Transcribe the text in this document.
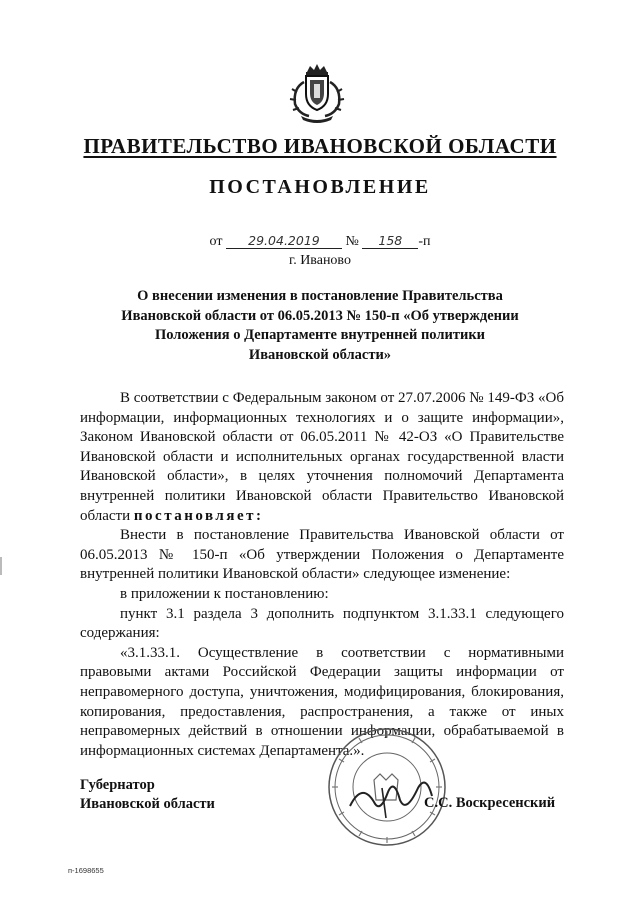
ПРАВИТЕЛЬСТВО ИВАНОВСКОЙ ОБЛАСТИ
ПОСТАНОВЛЕНИЕ
от 29.04.2019 № 158 -п
г. Иваново
О внесении изменения в постановление Правительства
Ивановской области от 06.05.2013 № 150-п «Об утверждении
Положения о Департаменте внутренней политики
Ивановской области»

В соответствии с Федеральным законом от 27.07.2006 № 149-ФЗ «Об информации, информационных технологиях и о защите информации», Законом Ивановской области от 06.05.2011 № 42-ОЗ «О Правительстве Ивановской области и исполнительных органах государственной власти Ивановской области», в целях уточнения полномочий Департамента внутренней политики Ивановской области Правительство Ивановской области постановляет:

Внести в постановление Правительства Ивановской области от 06.05.2013 № 150-п «Об утверждении Положения о Департаменте внутренней политики Ивановской области» следующее изменение:

в приложении к постановлению:

пункт 3.1 раздела 3 дополнить подпунктом 3.1.33.1 следующего содержания:

«3.1.33.1. Осуществление в соответствии с нормативными правовыми актами Российской Федерации защиты информации от неправомерного доступа, уничтожения, модифицирования, блокирования, копирования, предоставления, распространения, а также от иных неправомерных действий в отношении информации, обрабатываемой в информационных системах Департамента.».

Губернатор
Ивановской области	С.С. Воскресенский
п-1698655
